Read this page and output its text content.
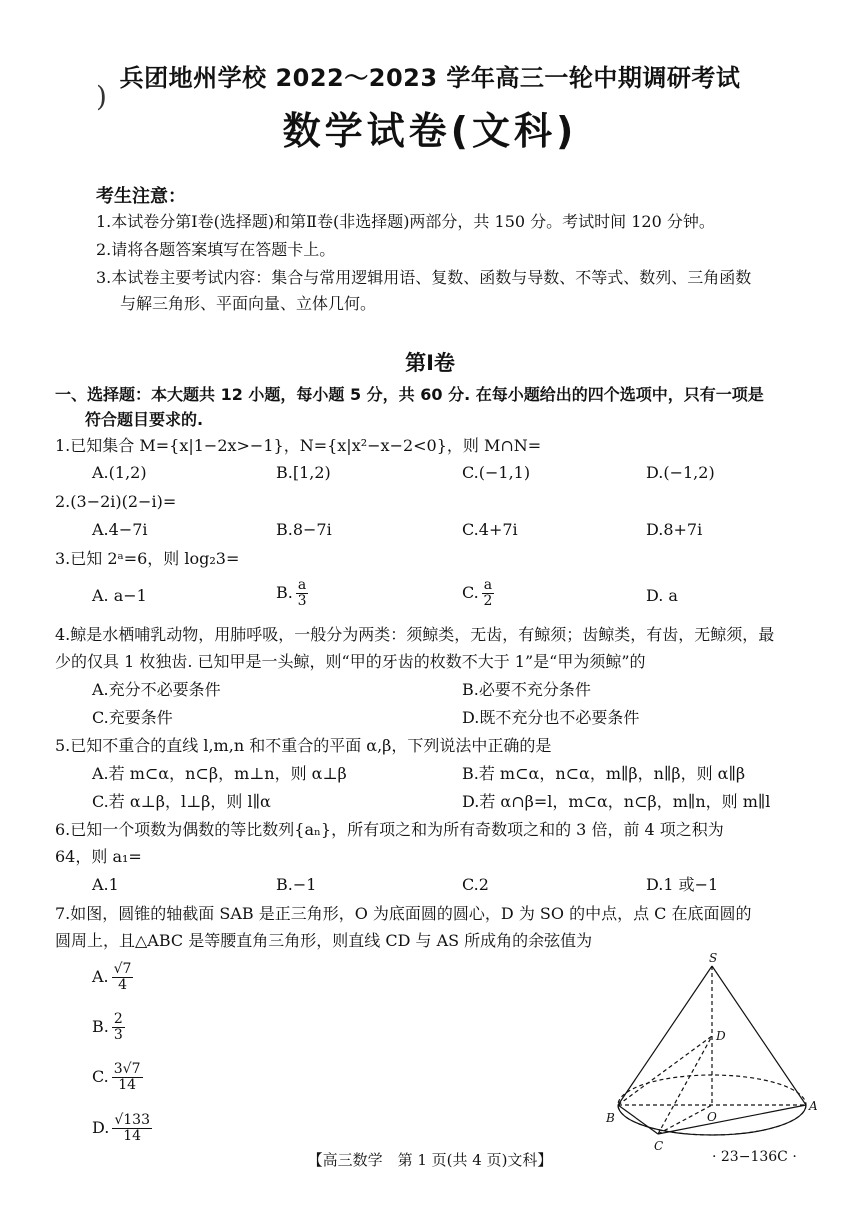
)
兵团地州学校 2022～2023 学年高三一轮中期调研考试
数学试卷(文科)
考生注意：
1.本试卷分第Ⅰ卷(选择题)和第Ⅱ卷(非选择题)两部分，共 150 分。考试时间 120 分钟。
2.请将各题答案填写在答题卡上。
3.本试卷主要考试内容：集合与常用逻辑用语、复数、函数与导数、不等式、数列、三角函数
与解三角形、平面向量、立体几何。
第Ⅰ卷
一、选择题：本大题共 12 小题，每小题 5 分，共 60 分. 在每小题给出的四个选项中，只有一项是
符合题目要求的.
1.已知集合 M={x|1−2x>−1}，N={x|x²−x−2<0}，则 M∩N=
A.(1,2)	B.[1,2)	C.(−1,1)	D.(−1,2)
2.(3−2i)(2−i)=
A.4−7i	B.8−7i	C.4+7i	D.8+7i
3.已知 2ᵃ=6，则 log₂3=
A. a−1	B. $\frac{a}{3}$	C. $\frac{a}{2}$	D. a
4.鲸是水栖哺乳动物，用肺呼吸，一般分为两类：须鲸类，无齿，有鲸须；齿鲸类，有齿，无鲸须，最
少的仅具 1 枚独齿. 已知甲是一头鲸，则“甲的牙齿的枚数不大于 1”是“甲为须鲸”的
A.充分不必要条件	B.必要不充分条件
C.充要条件	D.既不充分也不必要条件
5.已知不重合的直线 l,m,n 和不重合的平面 α,β，下列说法中正确的是
A.若 m⊂α，n⊂β，m⊥n，则 α⊥β	B.若 m⊂α，n⊂α，m∥β，n∥β，则 α∥β
C.若 α⊥β，l⊥β，则 l∥α	D.若 α∩β=l，m⊂α，n⊂β，m∥n，则 m∥l
6.已知一个项数为偶数的等比数列{aₙ}，所有项之和为所有奇数项之和的 3 倍，前 4 项之积为
64，则 a₁=
A.1	B.−1	C.2	D.1 或−1
7.如图，圆锥的轴截面 SAB 是正三角形，O 为底面圆的圆心，D 为 SO 的中点，点 C 在底面圆的
圆周上，且△ABC 是等腰直角三角形，则直线 CD 与 AS 所成角的余弦值为
A. $\frac{√7}{4}$
B. $\frac{2}{3}$
C. $\frac{3√7}{14}$
D. $\frac{√133}{14}$
S
D
O
A
B
C
【高三数学　第 1 页(共 4 页)文科】	· 23−136C ·
